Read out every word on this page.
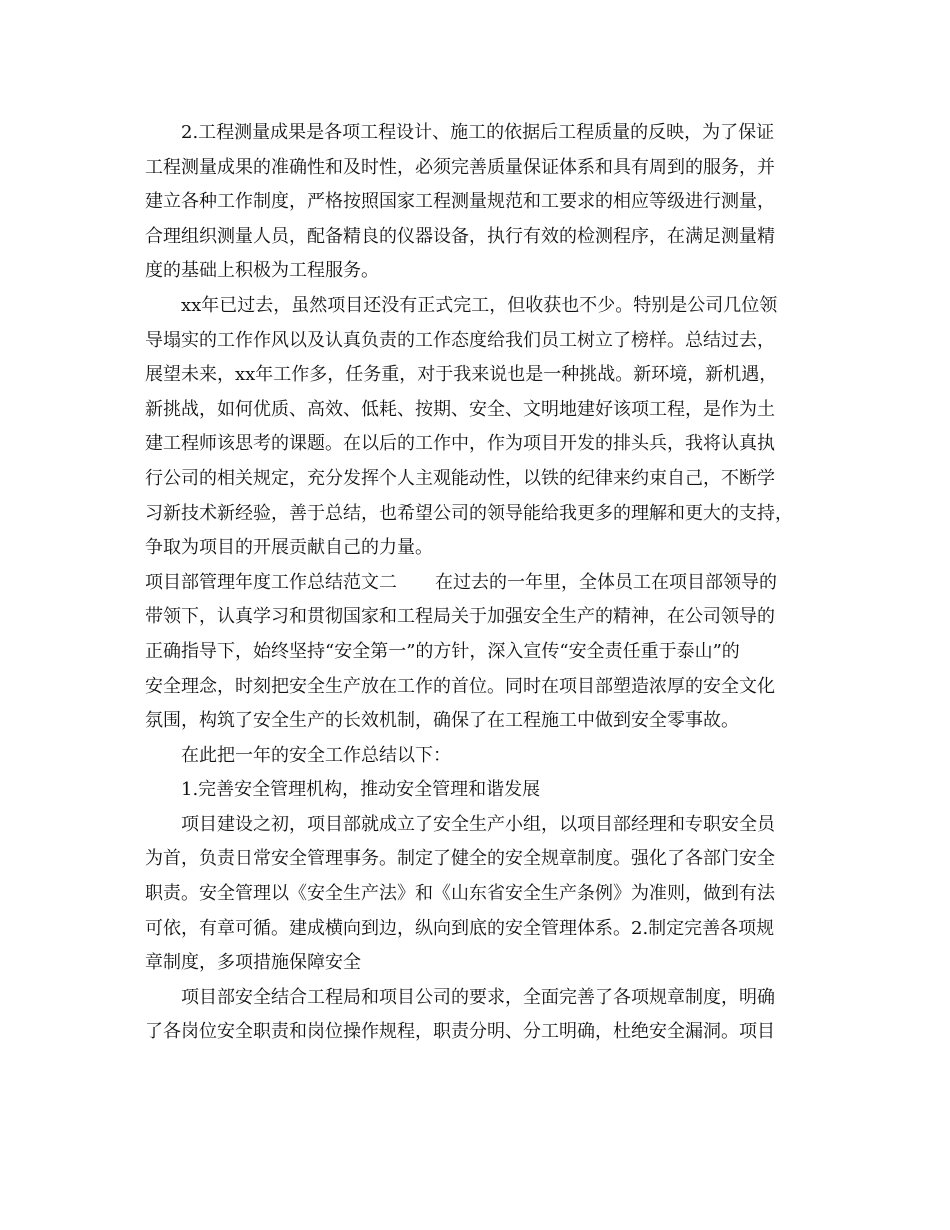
2.工程测量成果是各项工程设计、施工的依据后工程质量的反映，为了保证
工程测量成果的准确性和及时性，必须完善质量保证体系和具有周到的服务，并
建立各种工作制度，严格按照国家工程测量规范和工要求的相应等级进行测量，
合理组织测量人员，配备精良的仪器设备，执行有效的检测程序，在满足测量精
度的基础上积极为工程服务。
xx年已过去，虽然项目还没有正式完工，但收获也不少。特别是公司几位领
导塌实的工作作风以及认真负责的工作态度给我们员工树立了榜样。总结过去，
展望未来，xx年工作多，任务重，对于我来说也是一种挑战。新环境，新机遇，
新挑战，如何优质、高效、低耗、按期、安全、文明地建好该项工程，是作为土
建工程师该思考的课题。在以后的工作中，作为项目开发的排头兵，我将认真执
行公司的相关规定，充分发挥个人主观能动性，以铁的纪律来约束自己，不断学
习新技术新经验，善于总结，也希望公司的领导能给我更多的理解和更大的支持，
争取为项目的开展贡献自己的力量。
项目部管理年度工作总结范文二 在过去的一年里，全体员工在项目部领导的
带领下，认真学习和贯彻国家和工程局关于加强安全生产的精神，在公司领导的
正确指导下，始终坚持“安全第一”的方针，深入宣传“安全责任重于泰山”的
安全理念，时刻把安全生产放在工作的首位。同时在项目部塑造浓厚的安全文化
氛围，构筑了安全生产的长效机制，确保了在工程施工中做到安全零事故。
在此把一年的安全工作总结以下：
1.完善安全管理机构，推动安全管理和谐发展
项目建设之初，项目部就成立了安全生产小组，以项目部经理和专职安全员
为首，负责日常安全管理事务。制定了健全的安全规章制度。强化了各部门安全
职责。安全管理以《安全生产法》和《山东省安全生产条例》为准则，做到有法
可依，有章可循。建成横向到边，纵向到底的安全管理体系。2.制定完善各项规
章制度，多项措施保障安全
项目部安全结合工程局和项目公司的要求，全面完善了各项规章制度，明确
了各岗位安全职责和岗位操作规程，职责分明、分工明确，杜绝安全漏洞。项目
